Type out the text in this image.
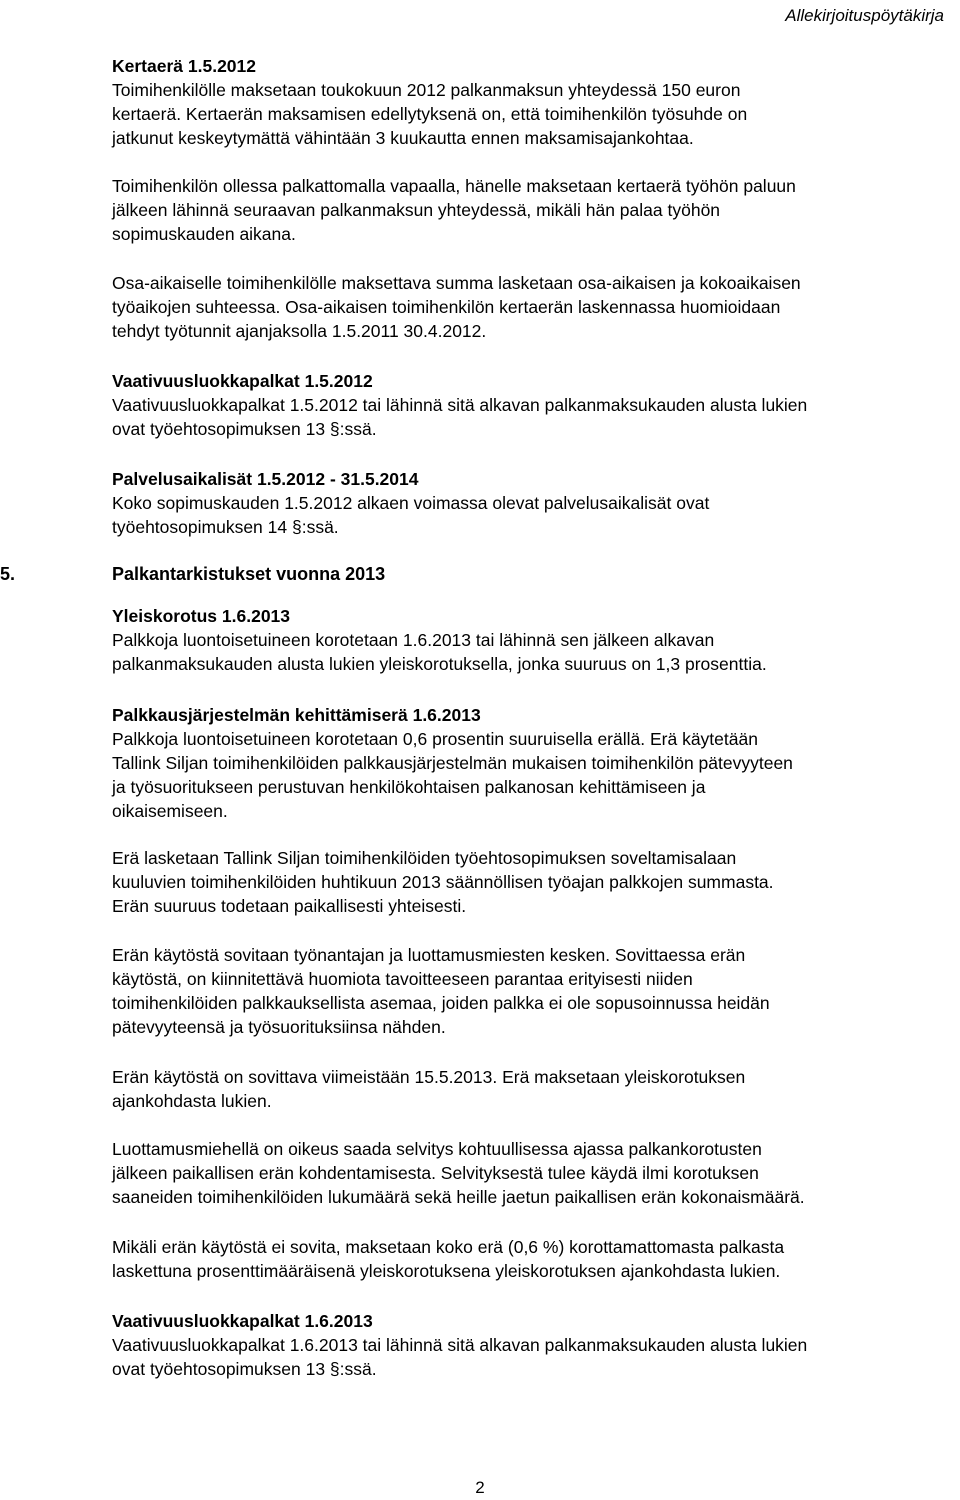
Allekirjoituspöytäkirja

Kertaerä 1.5.2012

Toimihenkilölle maksetaan toukokuun 2012 palkanmaksun yhteydessä 150 euron
kertaerä. Kertaerän maksamisen edellytyksenä on, että toimihenkilön työsuhde on
jatkunut keskeytymättä vähintään 3 kuukautta ennen maksamisajankohtaa.

Toimihenkilön ollessa palkattomalla vapaalla, hänelle maksetaan kertaerä työhön paluun
jälkeen lähinnä seuraavan palkanmaksun yhteydessä, mikäli hän palaa työhön
sopimuskauden aikana.

Osa-aikaiselle toimihenkilölle maksettava summa lasketaan osa-aikaisen ja kokoaikaisen
työaikojen suhteessa. Osa-aikaisen toimihenkilön kertaerän laskennassa huomioidaan
tehdyt työtunnit ajanjaksolla 1.5.2011 30.4.2012.

Vaativuusluokkapalkat 1.5.2012

Vaativuusluokkapalkat 1.5.2012 tai lähinnä sitä alkavan palkanmaksukauden alusta lukien
ovat työehtosopimuksen 13 §:ssä.

Palvelusaikalisät 1.5.2012 - 31.5.2014

Koko sopimuskauden 1.5.2012 alkaen voimassa olevat palvelusaikalisät ovat
työehtosopimuksen 14 §:ssä.

5.	Palkantarkistukset vuonna 2013

Yleiskorotus 1.6.2013

Palkkoja luontoisetuineen korotetaan 1.6.2013 tai lähinnä sen jälkeen alkavan
palkanmaksukauden alusta lukien yleiskorotuksella, jonka suuruus on 1,3 prosenttia.

Palkkausjärjestelmän kehittämiserä 1.6.2013

Palkkoja luontoisetuineen korotetaan 0,6 prosentin suuruisella erällä. Erä käytetään
Tallink Siljan toimihenkilöiden palkkausjärjestelmän mukaisen toimihenkilön pätevyyteen
ja työsuoritukseen perustuvan henkilökohtaisen palkanosan kehittämiseen ja
oikaisemiseen.

Erä lasketaan Tallink Siljan toimihenkilöiden työehtosopimuksen soveltamisalaan
kuuluvien toimihenkilöiden huhtikuun 2013 säännöllisen työajan palkkojen summasta.
Erän suuruus todetaan paikallisesti yhteisesti.

Erän käytöstä sovitaan työnantajan ja luottamusmiesten kesken. Sovittaessa erän
käytöstä, on kiinnitettävä huomiota tavoitteeseen parantaa erityisesti niiden
toimihenkilöiden palkkauksellista asemaa, joiden palkka ei ole sopusoinnussa heidän
pätevyyteensä ja työsuorituksiinsa nähden.

Erän käytöstä on sovittava viimeistään 15.5.2013. Erä maksetaan yleiskorotuksen
ajankohdasta lukien.

Luottamusmiehellä on oikeus saada selvitys kohtuullisessa ajassa palkankorotusten
jälkeen paikallisen erän kohdentamisesta. Selvityksestä tulee käydä ilmi korotuksen
saaneiden toimihenkilöiden lukumäärä sekä heille jaetun paikallisen erän kokonaismäärä.

Mikäli erän käytöstä ei sovita, maksetaan koko erä (0,6 %) korottamattomasta palkasta
laskettuna prosenttimääräisenä yleiskorotuksena yleiskorotuksen ajankohdasta lukien.

Vaativuusluokkapalkat 1.6.2013

Vaativuusluokkapalkat 1.6.2013 tai lähinnä sitä alkavan palkanmaksukauden alusta lukien
ovat työehtosopimuksen 13 §:ssä.

2
